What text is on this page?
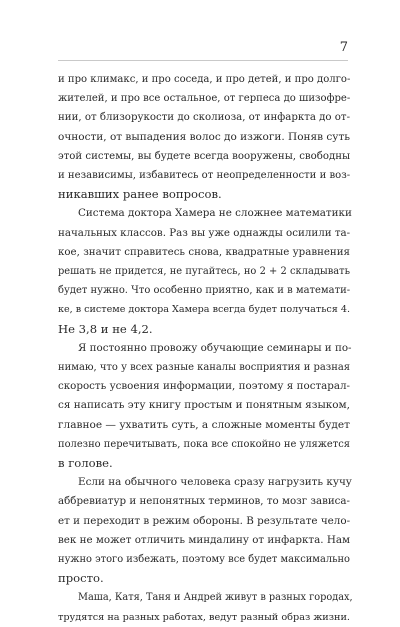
7

и про климакс, и про соседа, и про детей, и про долго-
жителей, и про все остальное, от герпеса до шизофре-
нии, от близорукости до сколиоза, от инфаркта до от-
очности, от выпадения волос до изжоги. Поняв суть
этой системы, вы будете всегда вооружены, свободны
и независимы, избавитесь от неопределенности и воз-
никавших ранее вопросов.

Система доктора Хамера не сложнее математики
начальных классов. Раз вы уже однажды осилили та-
кое, значит справитесь снова, квадратные уравнения
решать не придется, не пугайтесь, но 2 + 2 складывать
будет нужно. Что особенно приятно, как и в математи-
ке, в системе доктора Хамера всегда будет получаться 4.
Не 3,8 и не 4,2.

Я постоянно провожу обучающие семинары и по-
нимаю, что у всех разные каналы восприятия и разная
скорость усвоения информации, поэтому я постарал-
ся написать эту книгу простым и понятным языком,
главное — ухватить суть, а сложные моменты будет
полезно перечитывать, пока все спокойно не уляжется
в голове.

Если на обычного человека сразу нагрузить кучу
аббревиатур и непонятных терминов, то мозг зависа-
ет и переходит в режим обороны. В результате чело-
век не может отличить миндалину от инфаркта. Нам
нужно этого избежать, поэтому все будет максимально
просто.

Маша, Катя, Таня и Андрей живут в разных городах,
трудятся на разных работах, ведут разный образ жизни.
